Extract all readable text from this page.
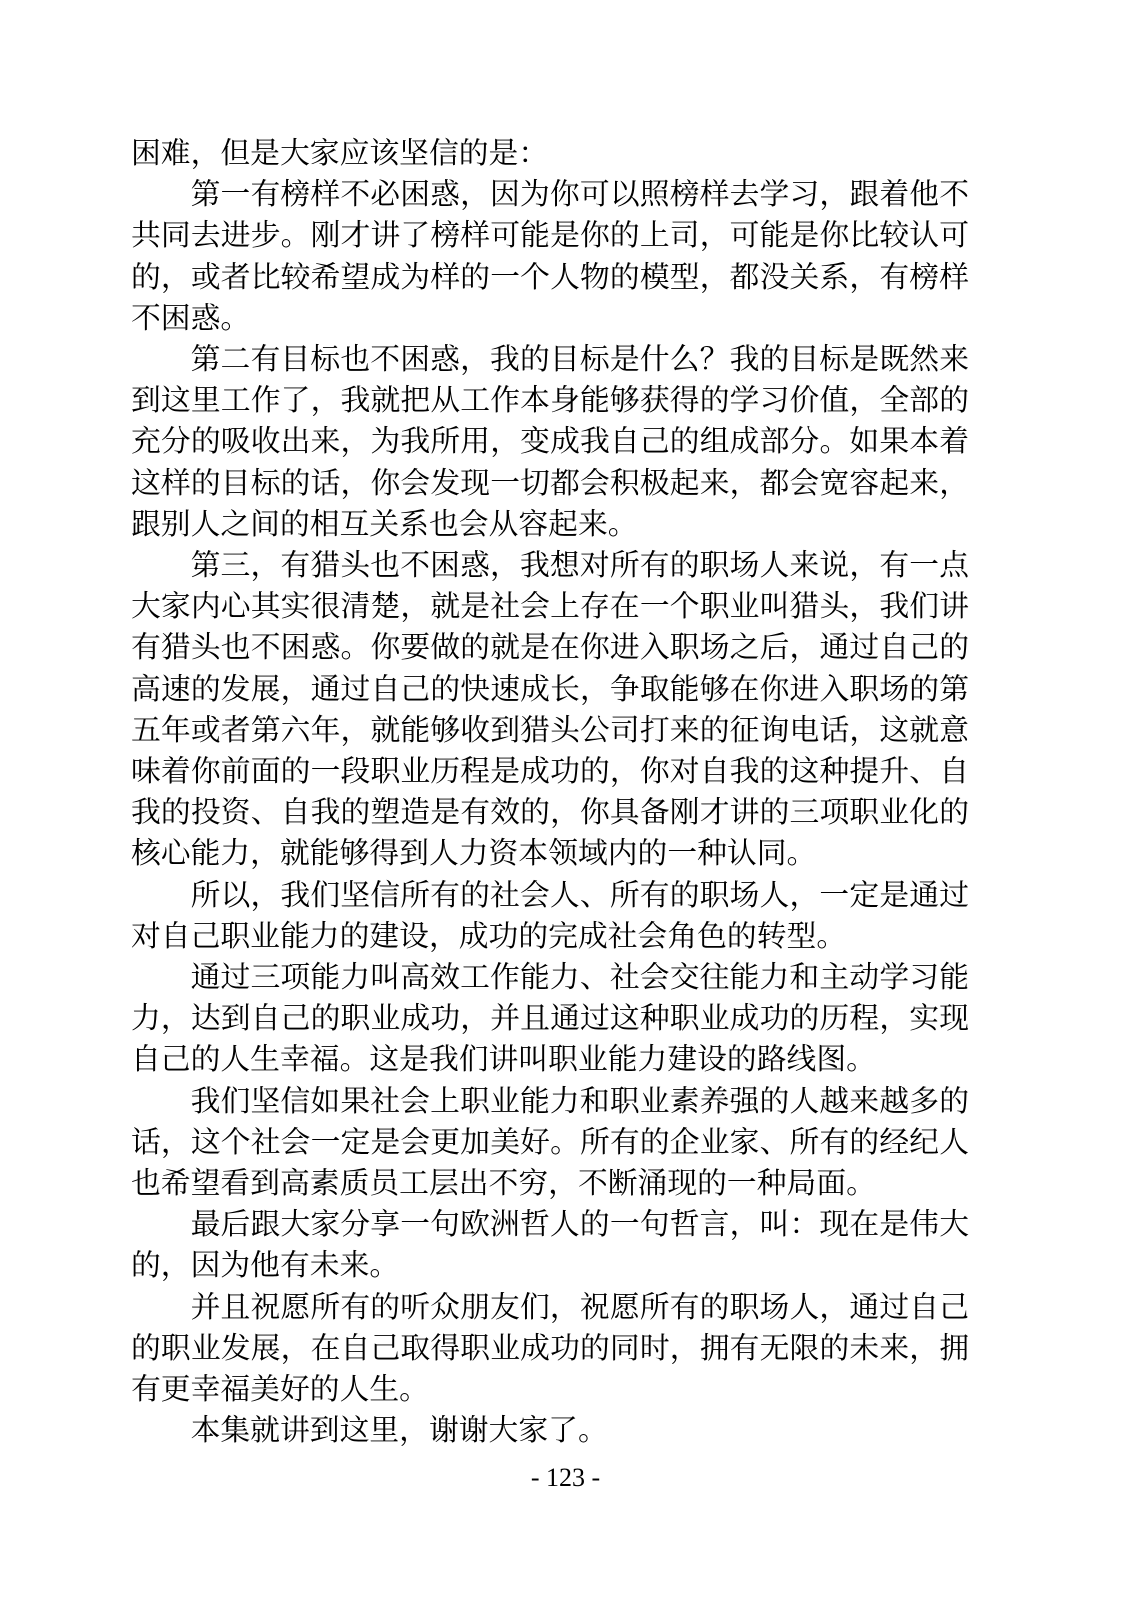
困难，但是大家应该坚信的是：

第一有榜样不必困惑，因为你可以照榜样去学习，跟着他不共同去进步。刚才讲了榜样可能是你的上司，可能是你比较认可的，或者比较希望成为样的一个人物的模型，都没关系，有榜样不困惑。

第二有目标也不困惑，我的目标是什么？我的目标是既然来到这里工作了，我就把从工作本身能够获得的学习价值，全部的充分的吸收出来，为我所用，变成我自己的组成部分。如果本着这样的目标的话，你会发现一切都会积极起来，都会宽容起来，跟别人之间的相互关系也会从容起来。

第三，有猎头也不困惑，我想对所有的职场人来说，有一点大家内心其实很清楚，就是社会上存在一个职业叫猎头，我们讲有猎头也不困惑。你要做的就是在你进入职场之后，通过自己的高速的发展，通过自己的快速成长，争取能够在你进入职场的第五年或者第六年，就能够收到猎头公司打来的征询电话，这就意味着你前面的一段职业历程是成功的，你对自我的这种提升、自我的投资、自我的塑造是有效的，你具备刚才讲的三项职业化的核心能力，就能够得到人力资本领域内的一种认同。

所以，我们坚信所有的社会人、所有的职场人，一定是通过对自己职业能力的建设，成功的完成社会角色的转型。

通过三项能力叫高效工作能力、社会交往能力和主动学习能力，达到自己的职业成功，并且通过这种职业成功的历程，实现自己的人生幸福。这是我们讲叫职业能力建设的路线图。

我们坚信如果社会上职业能力和职业素养强的人越来越多的话，这个社会一定是会更加美好。所有的企业家、所有的经纪人也希望看到高素质员工层出不穷，不断涌现的一种局面。

最后跟大家分享一句欧洲哲人的一句哲言，叫：现在是伟大的，因为他有未来。

并且祝愿所有的听众朋友们，祝愿所有的职场人，通过自己的职业发展，在自己取得职业成功的同时，拥有无限的未来，拥有更幸福美好的人生。

本集就讲到这里，谢谢大家了。

- 123 -
